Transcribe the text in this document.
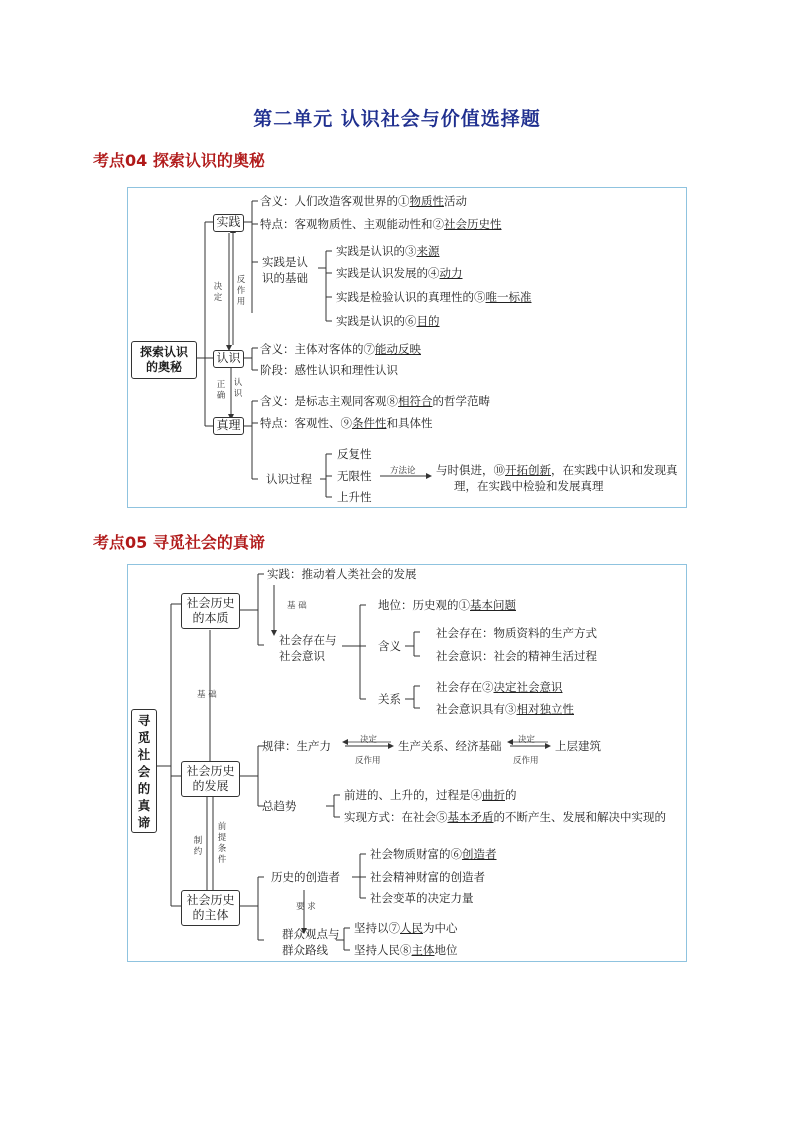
第二单元 认识社会与价值选择题
考点04 探索认识的奥秘
探索认识
的奥秘
实践
认识
真理
决定
反作用
正确
认识
含义：人们改造客观世界的①物质性活动
特点：客观物质性、主观能动性和②社会历史性
实践是认
识的基础
实践是认识的③来源
实践是认识发展的④动力
实践是检验认识的真理性的⑤唯一标准
实践是认识的⑥目的
含义：主体对客体的⑦能动反映
阶段：感性认识和理性认识
含义：是标志主观同客观⑧相符合的哲学范畴
特点：客观性、⑨条件性和具体性
认识过程
反复性
无限性
上升性
方法论 与时俱进，⑩开拓创新，在实践中认识和发现真
理，在实践中检验和发展真理
考点05 寻觅社会的真谛
寻
觅
社
会
的
真
谛
社会历史
的本质
社会历史
的发展
社会历史
的主体
基 础
基 础
制
约
前
提
条
件
要 求
实践：推动着人类社会的发展
社会存在与
社会意识
地位：历史观的①基本问题
含义
社会存在：物质资料的生产方式
社会意识：社会的精神生活过程
关系
社会存在②决定社会意识
社会意识具有③相对独立性
规律：生产力	决定
反作用
生产关系、经济基础 决定
反作用
上层建筑
总趋势
前进的、上升的，过程是④曲折的
实现方式：在社会⑤基本矛盾的不断产生、发展和解决中实现的
历史的创造者
社会物质财富的⑥创造者
社会精神财富的创造者
社会变革的决定力量
群众观点与
群众路线
坚持以⑦人民为中心
坚持人民⑧主体地位
